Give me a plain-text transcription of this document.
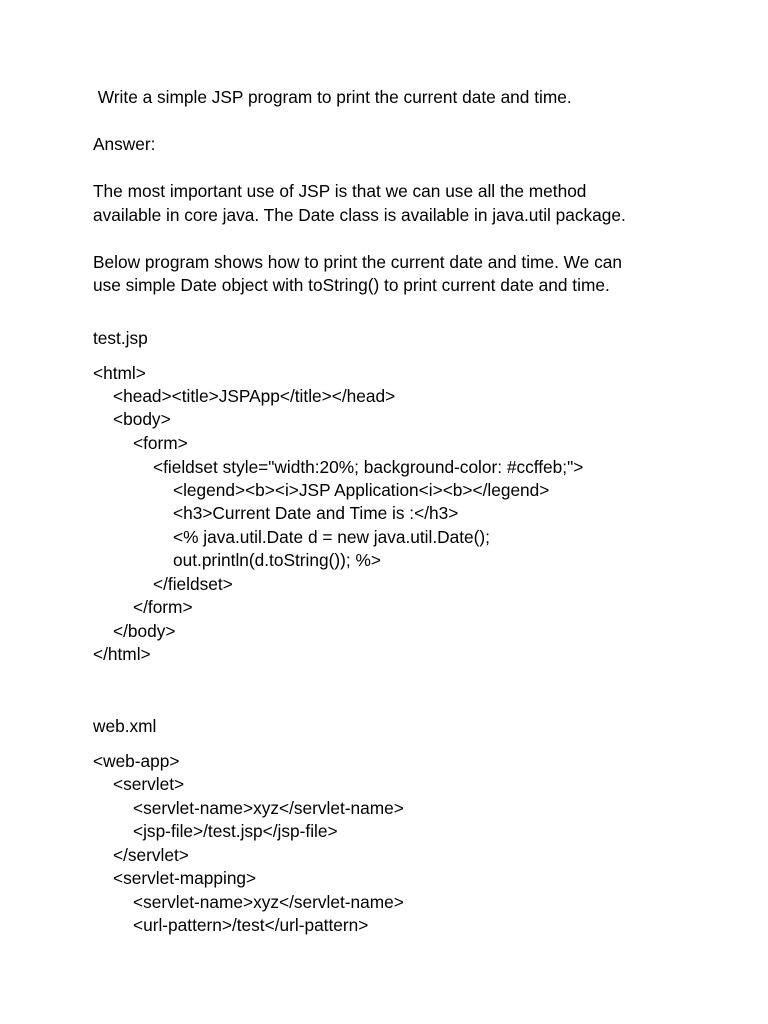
Write a simple JSP program to print the current date and time.
Answer:
The most important use of JSP is that we can use all the method
available in core java. The Date class is available in java.util package.
Below program shows how to print the current date and time. We can
use simple Date object with toString() to print current date and time.
test.jsp
<html>
<head><title>JSPApp</title></head>
<body>
<form>
<fieldset style="width:20%; background-color: #ccffeb;">
<legend><b><i>JSP Application<i><b></legend>
<h3>Current Date and Time is :</h3>
<% java.util.Date d = new java.util.Date();
out.println(d.toString()); %>
</fieldset>
</form>
</body>
</html>
web.xml
<web-app>
<servlet>
<servlet-name>xyz</servlet-name>
<jsp-file>/test.jsp</jsp-file>
</servlet>
<servlet-mapping>
<servlet-name>xyz</servlet-name>
<url-pattern>/test</url-pattern>
